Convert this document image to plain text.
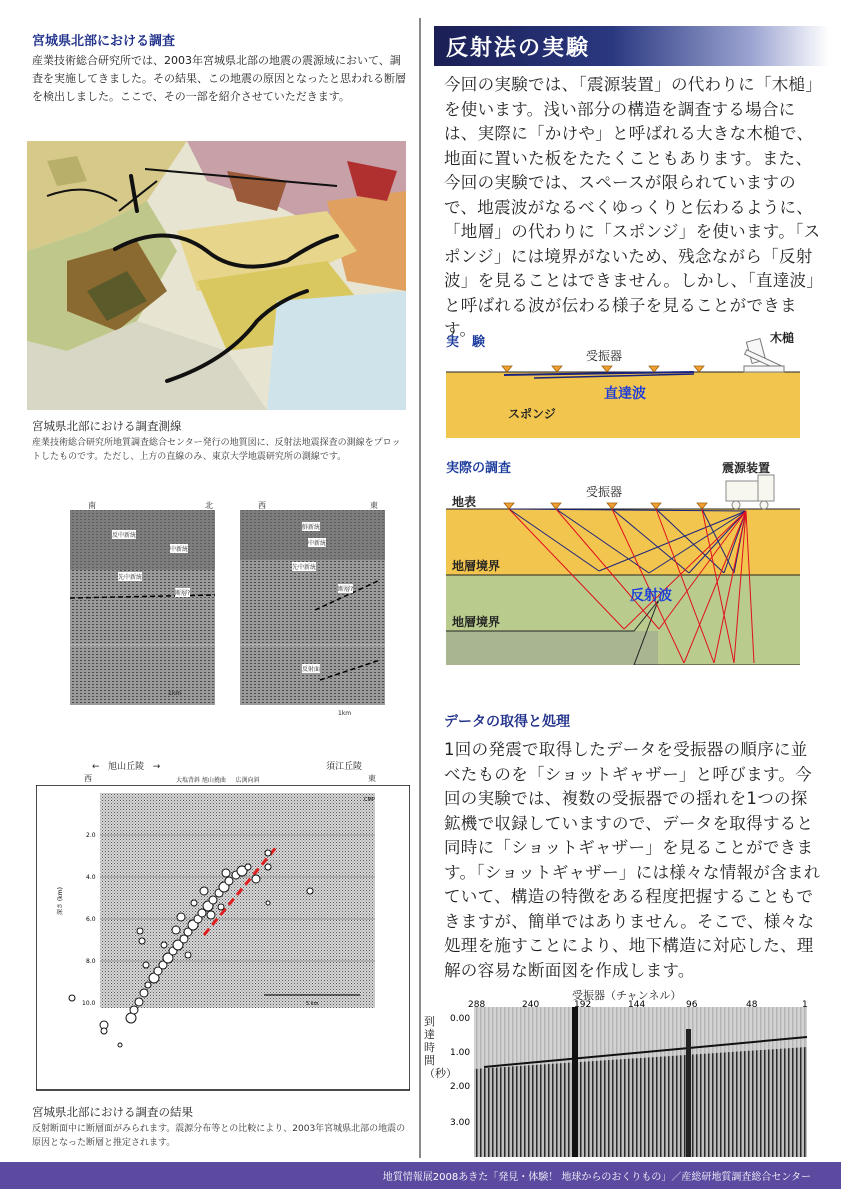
宮城県北部における調査
産業技術総合研究所では、2003年宮城県北部の地震の震源域において、調査を実施してきました。その結果、この地震の原因となったと思われる断層を検出しました。ここで、その一部を紹介させていただきます。
宮城県北部における調査測線
産業技術総合研究所地質調査総合センター発行の地質図に、反射法地震探査の測線をプロットしたものです。ただし、上方の直線のみ、東京大学地震研究所の測線です。
南	北
1km
反中新統
中新統
先中新統
断層?
西	東
1km
鮮新統
中新統
先中新統
断層?
反射面
←   旭山丘陵   →	須江丘陵
西	東
大塩背斜 旭山撓曲     広渕向斜
2.0
4.0
6.0
8.0
10.0
深さ (km)
CMP
5 km
宮城県北部における調査の結果
反射断面中に断層面がみられます。震源分布等との比較により、2003年宮城県北部の地震の原因となった断層と推定されます。
反射法の実験
今回の実験では、「震源装置」の代わりに「木槌」を使います。浅い部分の構造を調査する場合には、実際に「かけや」と呼ばれる大きな木槌で、地面に置いた板をたたくこともあります。また、今回の実験では、スペースが限られていますので、地震波がなるべくゆっくりと伝わるように、「地層」の代わりに「スポンジ」を使います。「スポンジ」には境界がないため、残念ながら「反射波」を見ることはできません。しかし、「直達波」と呼ばれる波が伝わる様子を見ることができます。
実　験	木槌
受振器
直達波
スポンジ
実際の調査	震源装置
受振器
地表
地層境界
地層境界
反射波
データの取得と処理
1回の発震で取得したデータを受振器の順序に並べたものを「ショットギャザー」と呼びます。今回の実験では、複数の受振器での揺れを1つの探鉱機で収録していますので、データを取得すると同時に「ショットギャザー」を見ることができます。「ショットギャザー」には様々な情報が含まれていて、構造の特徴をある程度把握することもできますが、簡単ではありません。そこで、様々な処理を施すことにより、地下構造に対応した、理解の容易な断面図を作成します。
受振器（チャンネル）
到達時間（秒）
288	240	192	144	96	48	1
0.00
1.00
2.00
3.00
地質情報展2008あきた「発見・体験！ 地球からのおくりもの」／産総研地質調査総合センター
